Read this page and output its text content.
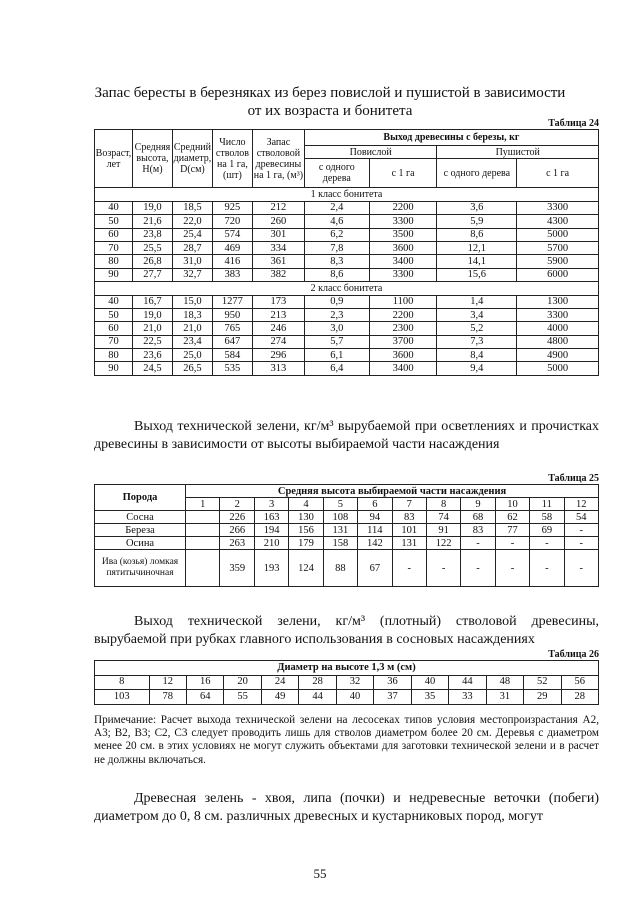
Запас бересты в березняках из берез повислой и пушистой в зависимости от их возраста и бонитета
Таблица 24
Возраст, лет	Средняя высота, Н(м)	Средний диаметр, D(см)	Число стволов на 1 га, (шт)	Запас стволовой древесины на 1 га, (м³)	Выход древесины с березы, кг			
					Повислой		Пушистой	
					с одного дерева	с 1 га	с одного дерева	с 1 га
1 класс бонитета								
40	19,0	18,5	925	212	2,4	2200	3,6	3300
50	21,6	22,0	720	260	4,6	3300	5,9	4300
60	23,8	25,4	574	301	6,2	3500	8,6	5000
70	25,5	28,7	469	334	7,8	3600	12,1	5700
80	26,8	31,0	416	361	8,3	3400	14,1	5900
90	27,7	32,7	383	382	8,6	3300	15,6	6000
2 класс бонитета								
40	16,7	15,0	1277	173	0,9	1100	1,4	1300
50	19,0	18,3	950	213	2,3	2200	3,4	3300
60	21,0	21,0	765	246	3,0	2300	5,2	4000
70	22,5	23,4	647	274	5,7	3700	7,3	4800
80	23,6	25,0	584	296	6,1	3600	8,4	4900
90	24,5	26,5	535	313	6,4	3400	9,4	5000
Выход технической зелени, кг/м³ вырубаемой при осветлениях и прочистках древесины в зависимости от высоты выбираемой части насаждения
Таблица 25
Порода	Средняя высота выбираемой части насаждения											
	1	2	3	4	5	6	7	8	9	10	11	12
Сосна		226	163	130	108	94	83	74	68	62	58	54
Береза		266	194	156	131	114	101	91	83	77	69	-
Осина		263	210	179	158	142	131	122	-	-	-	-
Ива (козья) ломкая пятитычиночная		359	193	124	88	67	-	-	-	-	-	-
Выход технической зелени, кг/м³ (плотный) стволовой древесины, вырубаемой при рубках главного использования в сосновых насаждениях
Таблица 26
Диаметр на высоте 1,3 м (см)												
8	12	16	20	24	28	32	36	40	44	48	52	56
103	78	64	55	49	44	40	37	35	33	31	29	28
Примечание: Расчет выхода технической зелени на лесосеках типов условия местопроизрастания А2, А3; В2, В3; С2, С3 следует проводить лишь для стволов диаметром более 20 см. Деревья с диаметром менее 20 см. в этих условиях не могут служить объектами для заготовки технической зелени и в расчет не должны включаться.
Древесная зелень - хвоя, липа (почки) и недревесные веточки (побеги) диаметром до 0, 8 см. различных древесных и кустарниковых пород, могут
55
